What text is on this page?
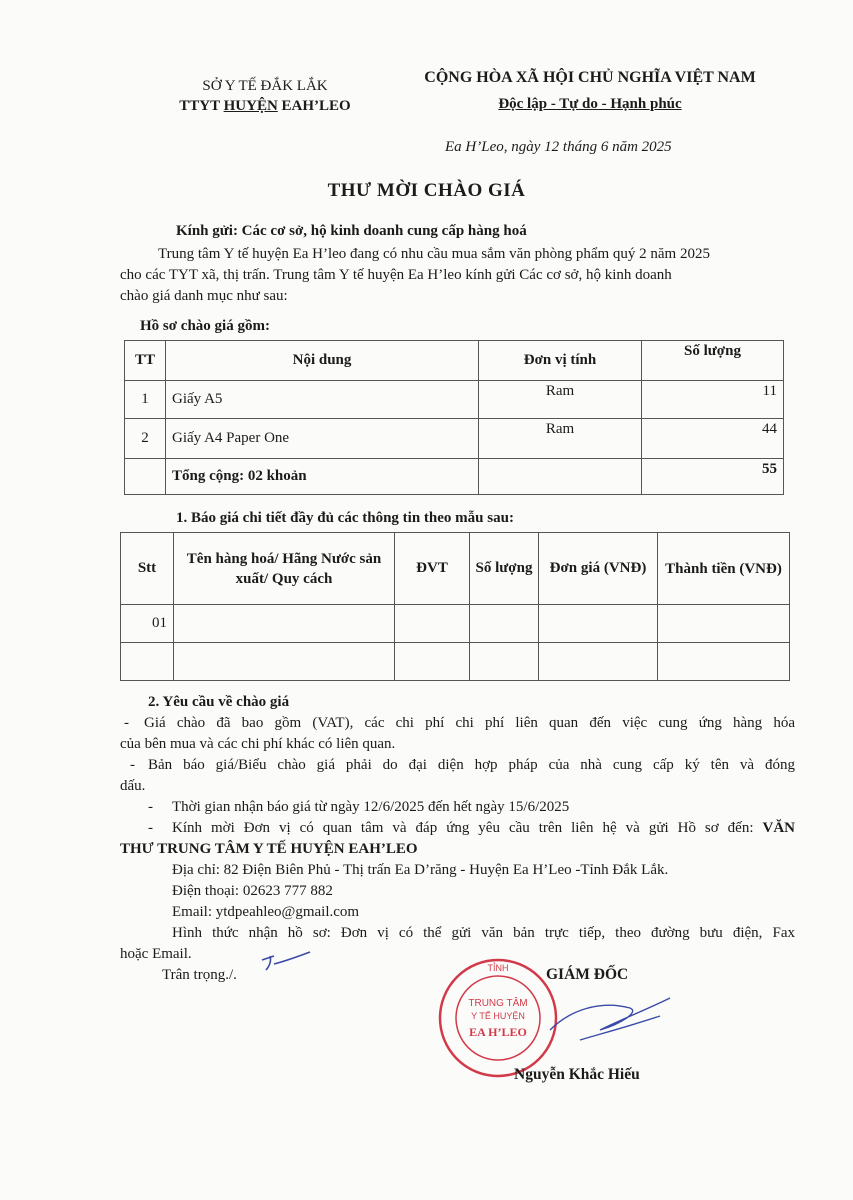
SỞ Y TẾ ĐẮK LẮK
TTYT HUYỆN EAH’LEO
CỘNG HÒA XÃ HỘI CHỦ NGHĨA VIỆT NAM
Độc lập - Tự do - Hạnh phúc
Ea H’Leo, ngày 12 tháng 6 năm 2025
THƯ MỜI CHÀO GIÁ
Kính gửi: Các cơ sở, hộ kinh doanh cung cấp hàng hoá
Trung tâm Y tế huyện Ea H’leo đang có nhu cầu mua sắm văn phòng phẩm quý 2 năm 2025
cho các TYT xã, thị trấn. Trung tâm Y tế huyện Ea H’leo kính gửi Các cơ sở, hộ kinh doanh
chào giá danh mục như sau:
Hồ sơ chào giá gồm:
TT	Nội dung	Đơn vị tính	Số lượng
1	Giấy A5	Ram	11
2	Giấy A4 Paper One	Ram	44
	Tổng cộng: 02 khoản		55
1. Báo giá chi tiết đầy đủ các thông tin theo mẫu sau:
Stt	Tên hàng hoá/ Hãng Nước sản xuất/ Quy cách	ĐVT	Số lượng	Đơn giá (VNĐ)	Thành tiền (VNĐ)
01					

2. Yêu cầu về chào giá
- Giá chào đã bao gồm (VAT), các chi phí chi phí liên quan đến việc cung ứng hàng hóa
của bên mua và các chi phí khác có liên quan.
- Bản báo giá/Biểu chào giá phải do đại diện hợp pháp của nhà cung cấp ký tên và đóng
dấu.
- Thời gian nhận báo giá từ ngày 12/6/2025 đến hết ngày 15/6/2025
- Kính mời Đơn vị có quan tâm và đáp ứng yêu cầu trên liên hệ và gửi Hồ sơ đến: VĂN
THƯ TRUNG TÂM Y TẾ HUYỆN EAH’LEO
Địa chỉ: 82 Điện Biên Phủ - Thị trấn Ea D’răng - Huyện Ea H’Leo -Tỉnh Đắk Lắk.
Điện thoại: 02623 777 882
Email: ytdpeahleo@gmail.com
Hình thức nhận hồ sơ: Đơn vị có thể gửi văn bản trực tiếp, theo đường bưu điện, Fax
hoặc Email.
Trân trọng./.	TỈNH
TRUNG TÂM
Y TẾ HUYỆN
EA H’LEO
GIÁM ĐỐC
Nguyễn Khắc Hiếu
